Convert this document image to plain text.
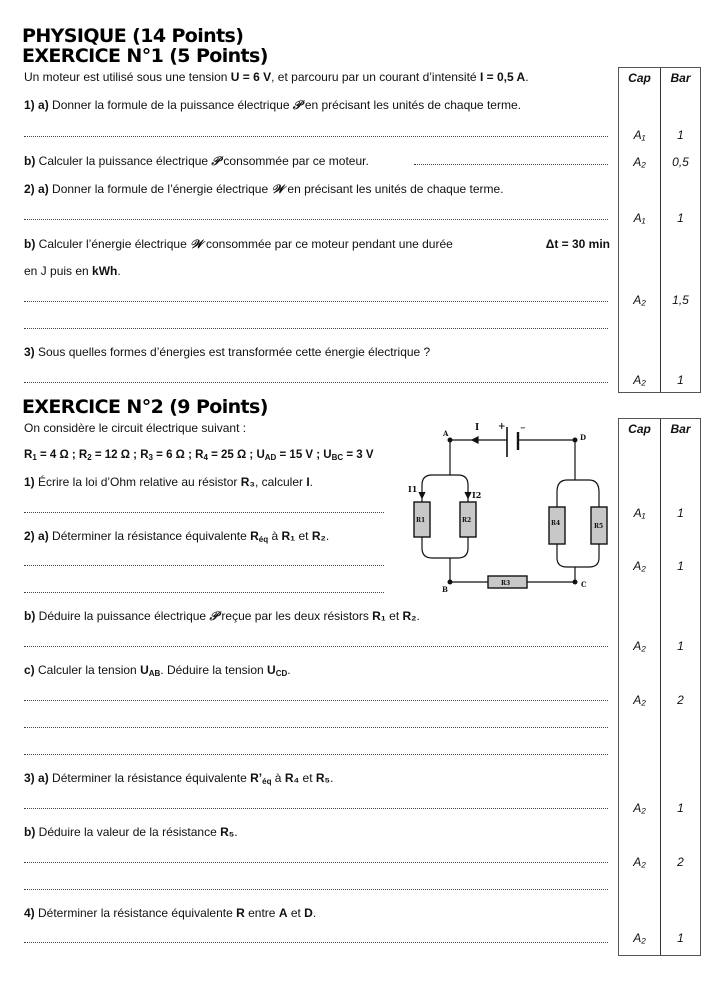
PHYSIQUE (14 Points)
EXERCICE N°1 (5 Points)
Un moteur est utilisé sous une tension U = 6 V, et parcouru par un courant d’intensité I = 0,5 A.
1) a) Donner la formule de la puissance électrique 𝒫 en précisant les unités de chaque terme.
b) Calculer la puissance électrique 𝒫 consommée par ce moteur.
2) a) Donner la formule de l’énergie électrique 𝒲 en précisant les unités de chaque terme.
b) Calculer l’énergie électrique 𝒲 consommée par ce moteur pendant une durée	Δt = 30 min
en J puis en kWh.
3) Sous quelles formes d’énergies est transformée cette énergie électrique ?
Cap	Bar
A₁	1
A₂	0,5
A₁	1
A₂	1,5
A₂	1
EXERCICE N°2 (9 Points)
On considère le circuit électrique suivant :
$R_1 = 4$ Ω ; $R_2 = 12$ Ω ; $R_3 = 6$ Ω ; $R_4 = 25$ Ω ; $U_{AD} = 15$ V ; $U_{BC} = 3$ V
1) Écrire la loi d’Ohm relative au résistor R₃, calculer I.
2) a) Déterminer la résistance équivalente $R_{éq}$ à R₁ et R₂.
b) Déduire la puissance électrique 𝒫 reçue par les deux résistors R₁ et R₂.
c) Calculer la tension $U_{AB}$. Déduire la tension $U_{CD}$.
3) a) Déterminer la résistance équivalente $R’_{éq}$ à R₄ et R₅.
b) Déduire la valeur de la résistance R₅.
4) Déterminer la résistance équivalente R entre A et D.
Cap	Bar
A₁	1
A₂	1
A₂	1
A₂	2
A₂	1
A₂	2
A₂	1
A	D
B
C
I + −
I1
I2
R1	R2	R4	R5
R3
